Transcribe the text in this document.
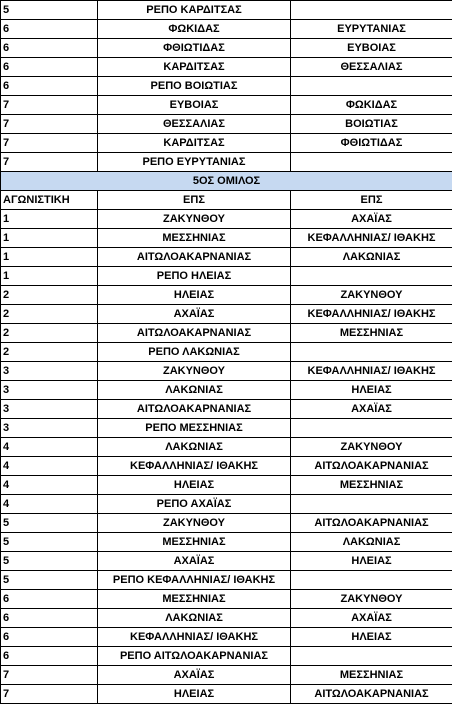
5	ΡΕΠΟ ΚΑΡΔΙΤΣΑΣ	
6	ΦΩΚΙΔΑΣ	ΕΥΡΥΤΑΝΙΑΣ
6	ΦΘΙΩΤΙΔΑΣ	ΕΥΒΟΙΑΣ
6	ΚΑΡΔΙΤΣΑΣ	ΘΕΣΣΑΛΙΑΣ
6	ΡΕΠΟ ΒΟΙΩΤΙΑΣ	
7	ΕΥΒΟΙΑΣ	ΦΩΚΙΔΑΣ
7	ΘΕΣΣΑΛΙΑΣ	ΒΟΙΩΤΙΑΣ
7	ΚΑΡΔΙΤΣΑΣ	ΦΘΙΩΤΙΔΑΣ
7	ΡΕΠΟ ΕΥΡΥΤΑΝΙΑΣ	
5ΟΣ ΟΜΙΛΟΣ		
ΑΓΩΝΙΣΤΙΚΗ	ΕΠΣ	ΕΠΣ
1	ΖΑΚΥΝΘΟΥ	ΑΧΑΪΑΣ
1	ΜΕΣΣΗΝΙΑΣ	ΚΕΦΑΛΛΗΝΙΑΣ/ ΙΘΑΚΗΣ
1	ΑΙΤΩΛΟΑΚΑΡΝΑΝΙΑΣ	ΛΑΚΩΝΙΑΣ
1	ΡΕΠΟ ΗΛΕΙΑΣ	
2	ΗΛΕΙΑΣ	ΖΑΚΥΝΘΟΥ
2	ΑΧΑΪΑΣ	ΚΕΦΑΛΛΗΝΙΑΣ/ ΙΘΑΚΗΣ
2	ΑΙΤΩΛΟΑΚΑΡΝΑΝΙΑΣ	ΜΕΣΣΗΝΙΑΣ
2	ΡΕΠΟ ΛΑΚΩΝΙΑΣ	
3	ΖΑΚΥΝΘΟΥ	ΚΕΦΑΛΛΗΝΙΑΣ/ ΙΘΑΚΗΣ
3	ΛΑΚΩΝΙΑΣ	ΗΛΕΙΑΣ
3	ΑΙΤΩΛΟΑΚΑΡΝΑΝΙΑΣ	ΑΧΑΪΑΣ
3	ΡΕΠΟ ΜΕΣΣΗΝΙΑΣ	
4	ΛΑΚΩΝΙΑΣ	ΖΑΚΥΝΘΟΥ
4	ΚΕΦΑΛΛΗΝΙΑΣ/ ΙΘΑΚΗΣ	ΑΙΤΩΛΟΑΚΑΡΝΑΝΙΑΣ
4	ΗΛΕΙΑΣ	ΜΕΣΣΗΝΙΑΣ
4	ΡΕΠΟ ΑΧΑΪΑΣ	
5	ΖΑΚΥΝΘΟΥ	ΑΙΤΩΛΟΑΚΑΡΝΑΝΙΑΣ
5	ΜΕΣΣΗΝΙΑΣ	ΛΑΚΩΝΙΑΣ
5	ΑΧΑΪΑΣ	ΗΛΕΙΑΣ
5	ΡΕΠΟ ΚΕΦΑΛΛΗΝΙΑΣ/ ΙΘΑΚΗΣ	
6	ΜΕΣΣΗΝΙΑΣ	ΖΑΚΥΝΘΟΥ
6	ΛΑΚΩΝΙΑΣ	ΑΧΑΪΑΣ
6	ΚΕΦΑΛΛΗΝΙΑΣ/ ΙΘΑΚΗΣ	ΗΛΕΙΑΣ
6	ΡΕΠΟ ΑΙΤΩΛΟΑΚΑΡΝΑΝΙΑΣ	
7	ΑΧΑΪΑΣ	ΜΕΣΣΗΝΙΑΣ
7	ΗΛΕΙΑΣ	ΑΙΤΩΛΟΑΚΑΡΝΑΝΙΑΣ
